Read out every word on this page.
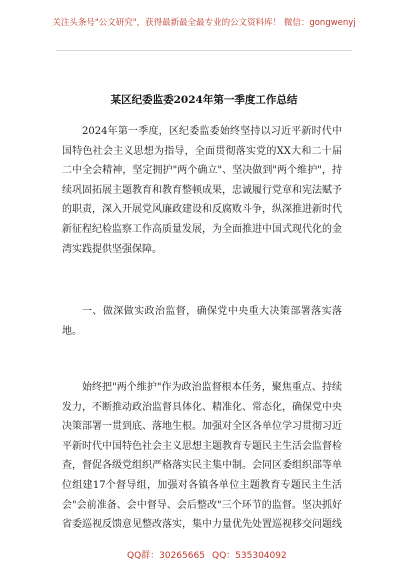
关注头条号"公文研究"，获得最新最全最专业的公文资料库！ 微信：gongwenyj
某区纪委监委2024年第一季度工作总结
2024年第一季度，区纪委监委始终坚持以习近平新时代中国特色社会主义思想为指导，全面贯彻落实党的XX大和二十届二中全会精神，坚定拥护"两个确立"、坚决做到"两个维护"，持续巩固拓展主题教育和教育整顿成果，忠诚履行党章和宪法赋予的职责，深入开展党风廉政建设和反腐败斗争，纵深推进新时代新征程纪检监察工作高质量发展，为全面推进中国式现代化的金湾实践提供坚强保障。
一、做深做实政治监督，确保党中央重大决策部署落实落地。
始终把"两个维护"作为政治监督根本任务，聚焦重点、持续发力，不断推动政治监督具体化、精准化、常态化，确保党中央决策部署一贯到底、落地生根。加强对全区各单位学习贯彻习近平新时代中国特色社会主义思想主题教育专题民主生活会监督检查，督促各级党组织严格落实民主集中制。会同区委组织部等单位组建17个督导组，加强对各镇各单位主题教育专题民主生活会"会前准备、会中督导、会后整改"三个环节的监督。坚决抓好省委巡视反馈意见整改落实，集中力量优先处置巡视移交问题线
QQ群：30265665 QQ：535304092
